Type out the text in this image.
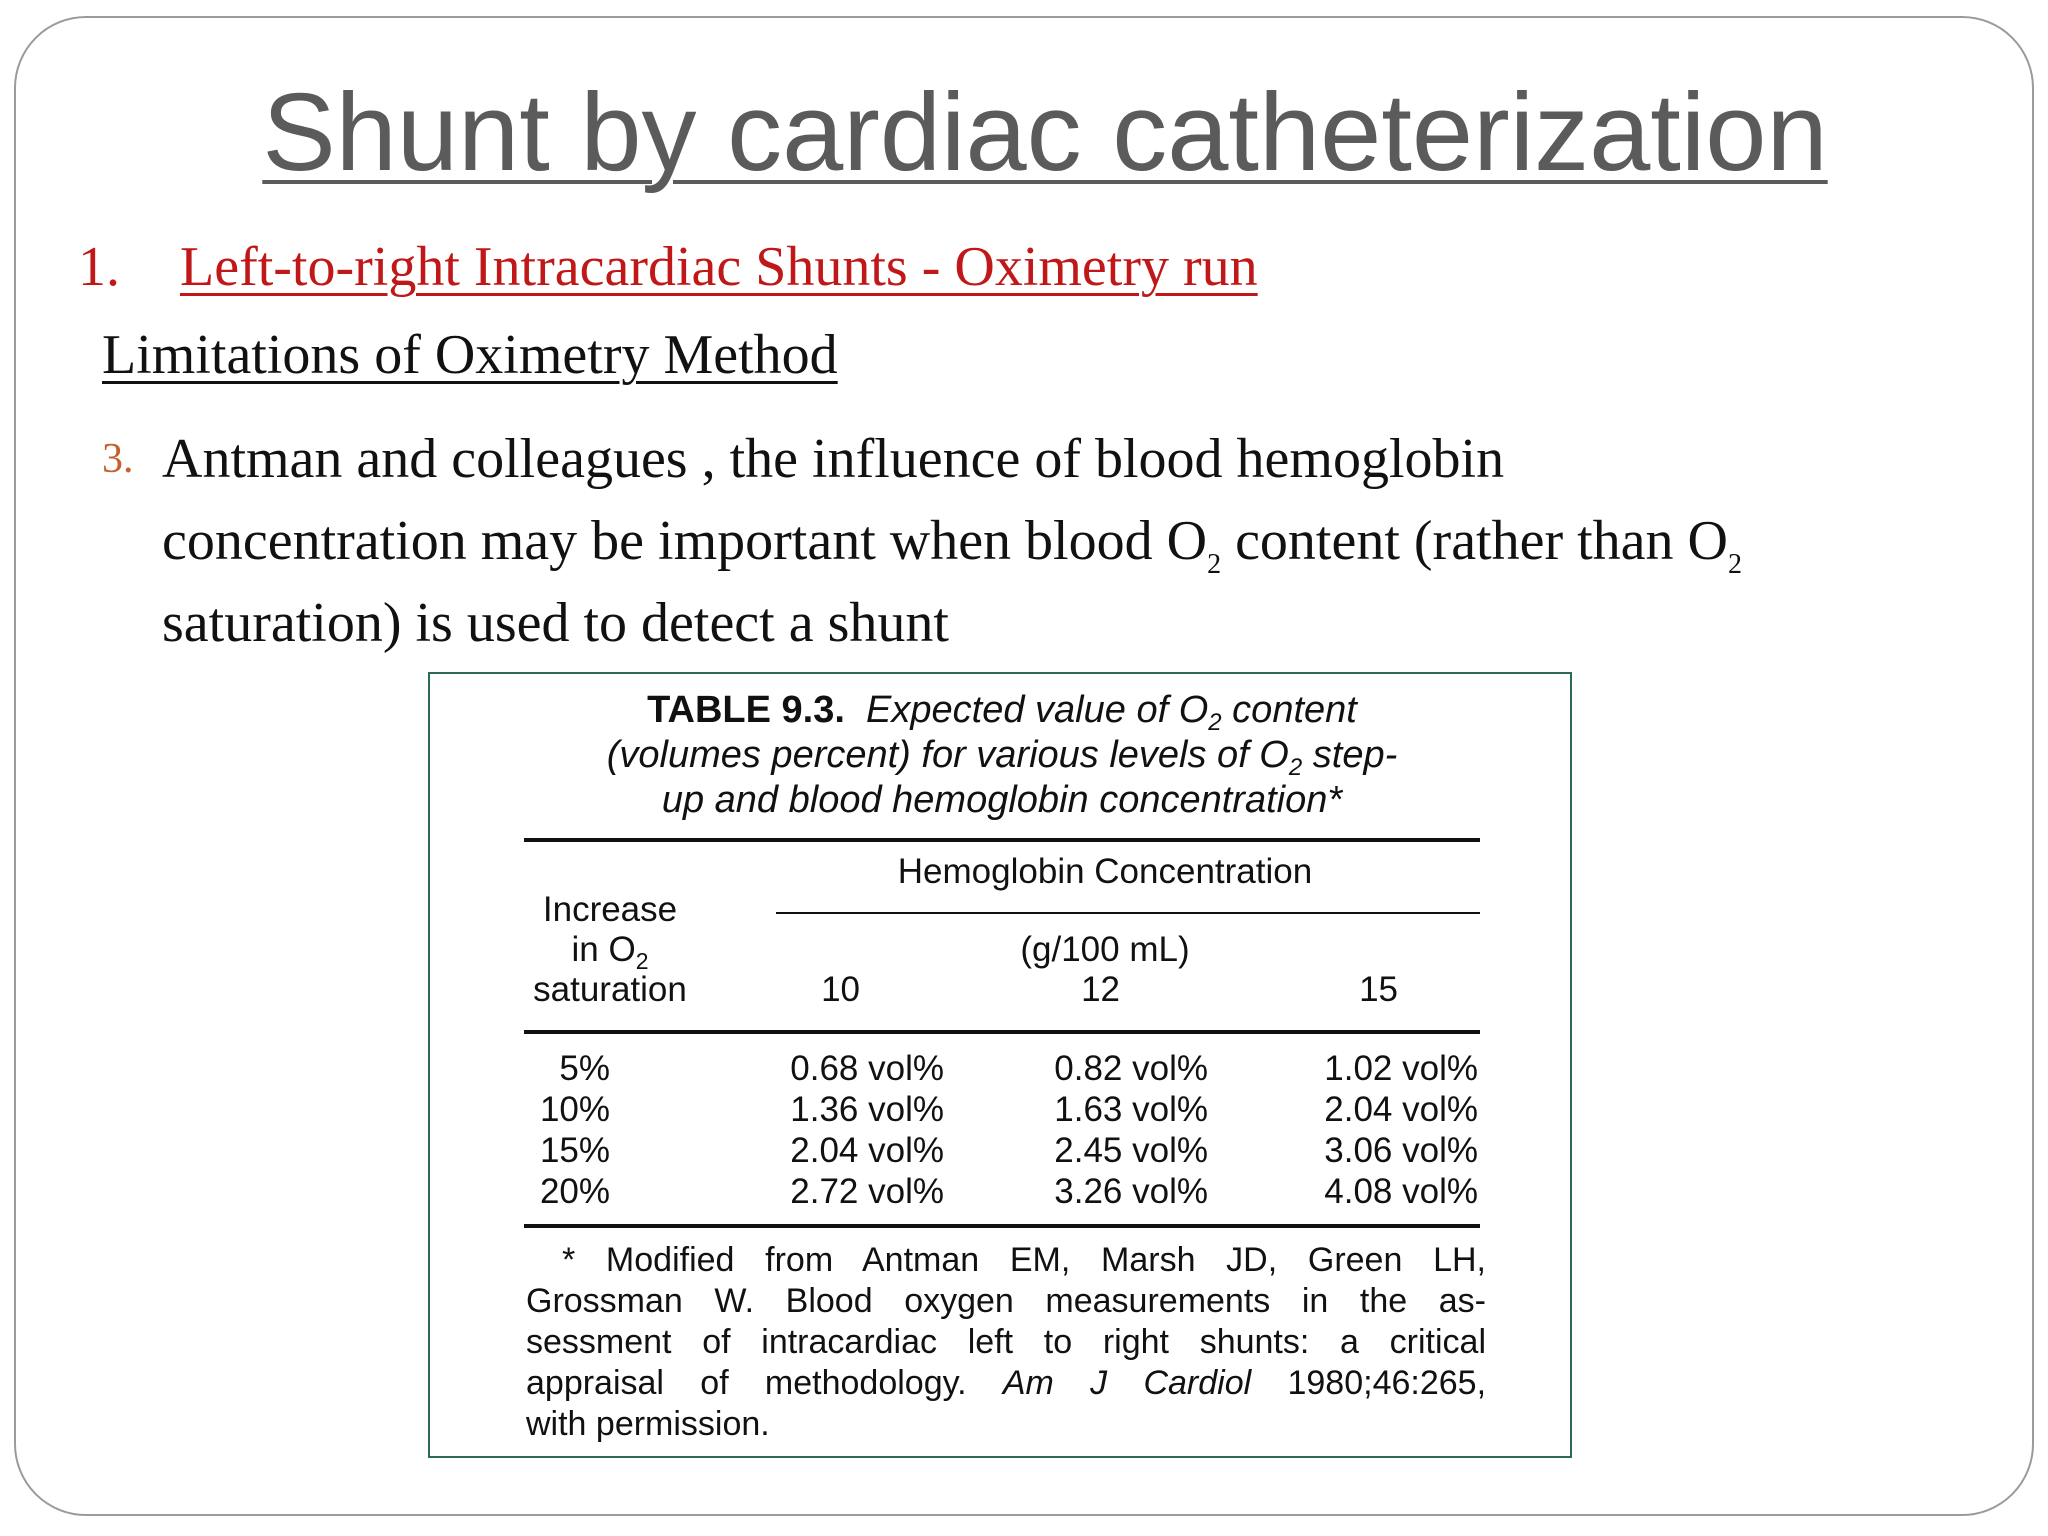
Shunt by cardiac catheterization
1. Left-to-right Intracardiac Shunts - Oximetry run
Limitations of Oximetry Method
3. Antman and colleagues , the influence of blood hemoglobin
concentration may be important when blood $O_2$ content (rather than $O_2$
saturation) is used to detect a shunt
TABLE 9.3. Expected value of $O_2$ content
(volumes percent) for various levels of $O_2$ step-
up and blood hemoglobin concentration*
Increase
in $O_2$
saturation
Hemoglobin Concentration
(g/100 mL)
10	12	15
5%	0.68 vol%	0.82 vol%	1.02 vol%
10%	1.36 vol%	1.63 vol%	2.04 vol%
15%	2.04 vol%	2.45 vol%	3.06 vol%
20%	2.72 vol%	3.26 vol%	4.08 vol%
* Modified from Antman EM, Marsh JD, Green LH,
Grossman W. Blood oxygen measurements in the as-
sessment of intracardiac left to right shunts: a critical
appraisal of methodology. Am J Cardiol 1980;46:265,
with permission.
